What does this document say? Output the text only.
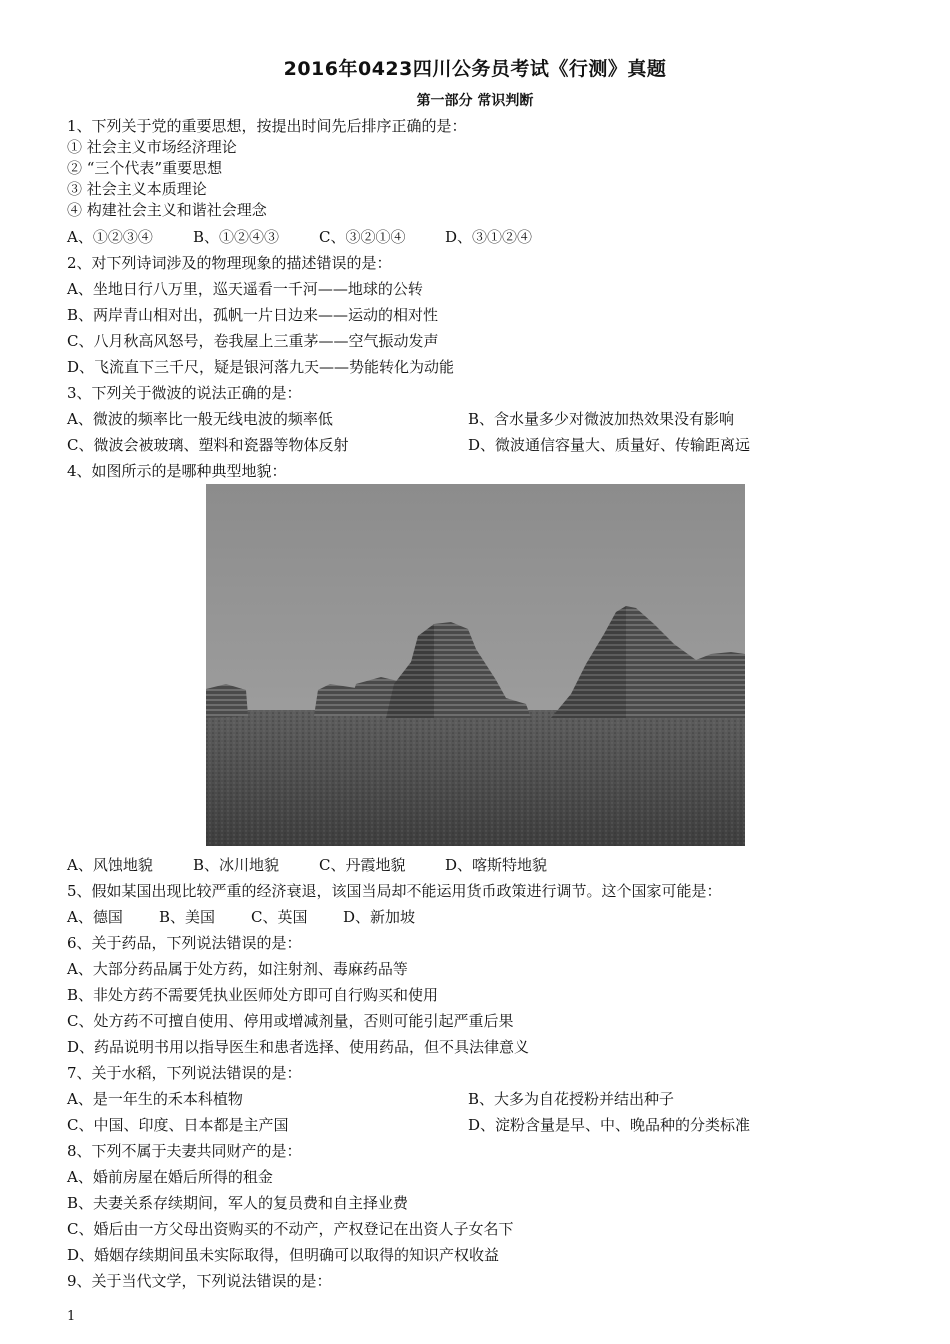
2016年0423四川公务员考试《行测》真题
第一部分 常识判断
1、下列关于党的重要思想，按提出时间先后排序正确的是：
① 社会主义市场经济理论
② “三个代表”重要思想
③ 社会主义本质理论
④ 构建社会主义和谐社会理念
A、①②③④	B、①②④③	C、③②①④	D、③①②④
2、对下列诗词涉及的物理现象的描述错误的是：
A、坐地日行八万里，巡天遥看一千河——地球的公转
B、两岸青山相对出，孤帆一片日边来——运动的相对性
C、八月秋高风怒号，卷我屋上三重茅——空气振动发声
D、飞流直下三千尺，疑是银河落九天——势能转化为动能
3、下列关于微波的说法正确的是：
A、微波的频率比一般无线电波的频率低	B、含水量多少对微波加热效果没有影响
C、微波会被玻璃、塑料和瓷器等物体反射	D、微波通信容量大、质量好、传输距离远
4、如图所示的是哪种典型地貌：
A、风蚀地貌	B、冰川地貌	C、丹霞地貌	D、喀斯特地貌
5、假如某国出现比较严重的经济衰退，该国当局却不能运用货币政策进行调节。这个国家可能是：
A、德国 B、美国 C、英国 D、新加坡
6、关于药品，下列说法错误的是：
A、大部分药品属于处方药，如注射剂、毒麻药品等
B、非处方药不需要凭执业医师处方即可自行购买和使用
C、处方药不可擅自使用、停用或增减剂量，否则可能引起严重后果
D、药品说明书用以指导医生和患者选择、使用药品，但不具法律意义
7、关于水稻，下列说法错误的是：
A、是一年生的禾本科植物	B、大多为自花授粉并结出种子
C、中国、印度、日本都是主产国	D、淀粉含量是早、中、晚品种的分类标准
8、下列不属于夫妻共同财产的是：
A、婚前房屋在婚后所得的租金
B、夫妻关系存续期间，军人的复员费和自主择业费
C、婚后由一方父母出资购买的不动产，产权登记在出资人子女名下
D、婚姻存续期间虽未实际取得，但明确可以取得的知识产权收益
9、关于当代文学，下列说法错误的是：
1
